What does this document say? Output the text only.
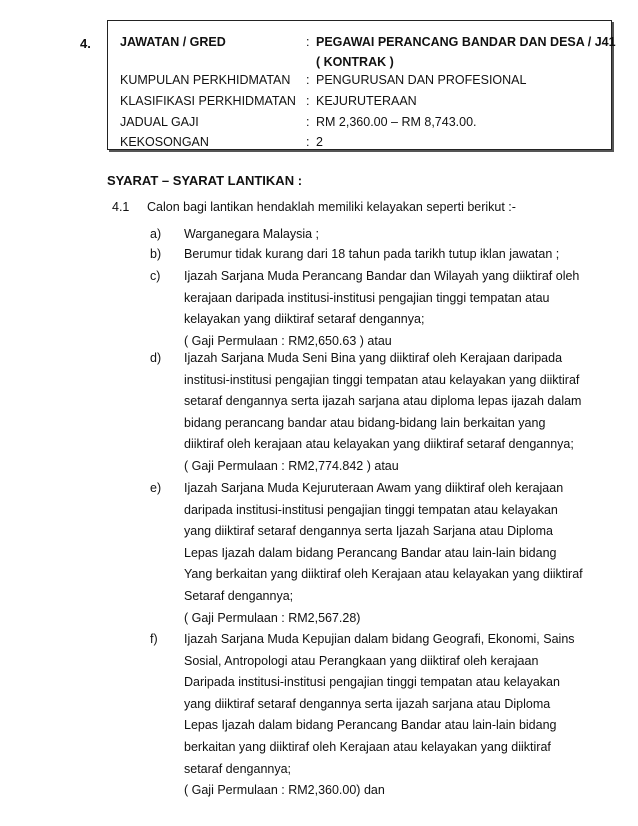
4. JAWATAN / GRED	: PEGAWAI PERANCANG BANDAR DAN DESA / J41
( KONTRAK )
KUMPULAN PERKHIDMATAN : PENGURUSAN DAN PROFESIONAL
KLASIFIKASI PERKHIDMATAN : KEJURUTERAAN
JADUAL GAJI	: RM 2,360.00 – RM 8,743.00.
KEKOSONGAN	: 2
SYARAT – SYARAT LANTIKAN :
4.1 Calon bagi lantikan hendaklah memiliki kelayakan seperti berikut :-
a) Warganegara Malaysia ;
b) Berumur tidak kurang dari 18 tahun pada tarikh tutup iklan jawatan ;
c) Ijazah Sarjana Muda Perancang Bandar dan Wilayah yang diiktiraf oleh
kerajaan daripada institusi-institusi pengajian tinggi tempatan atau
kelayakan yang diiktiraf setaraf dengannya;
( Gaji Permulaan : RM2,650.63 ) atau
d) Ijazah Sarjana Muda Seni Bina yang diiktiraf oleh Kerajaan daripada
institusi-institusi pengajian tinggi tempatan atau kelayakan yang diiktiraf
setaraf dengannya serta ijazah sarjana atau diploma lepas ijazah dalam
bidang perancang bandar atau bidang-bidang lain berkaitan yang
diiktiraf oleh kerajaan atau kelayakan yang diiktiraf setaraf dengannya;
( Gaji Permulaan : RM2,774.842 ) atau
e) Ijazah Sarjana Muda Kejuruteraan Awam yang diiktiraf oleh kerajaan
daripada institusi-institusi pengajian tinggi tempatan atau kelayakan
yang diiktiraf setaraf dengannya serta Ijazah Sarjana atau Diploma
Lepas Ijazah dalam bidang Perancang Bandar atau lain-lain bidang
Yang berkaitan yang diiktiraf oleh Kerajaan atau kelayakan yang diiktiraf
Setaraf dengannya;
( Gaji Permulaan : RM2,567.28)
f) Ijazah Sarjana Muda Kepujian dalam bidang Geografi, Ekonomi, Sains
Sosial, Antropologi atau Perangkaan yang diiktiraf oleh kerajaan
Daripada institusi-institusi pengajian tinggi tempatan atau kelayakan
yang diiktiraf setaraf dengannya serta ijazah sarjana atau Diploma
Lepas Ijazah dalam bidang Perancang Bandar atau lain-lain bidang
berkaitan yang diiktiraf oleh Kerajaan atau kelayakan yang diiktiraf
setaraf dengannya;
( Gaji Permulaan : RM2,360.00) dan
